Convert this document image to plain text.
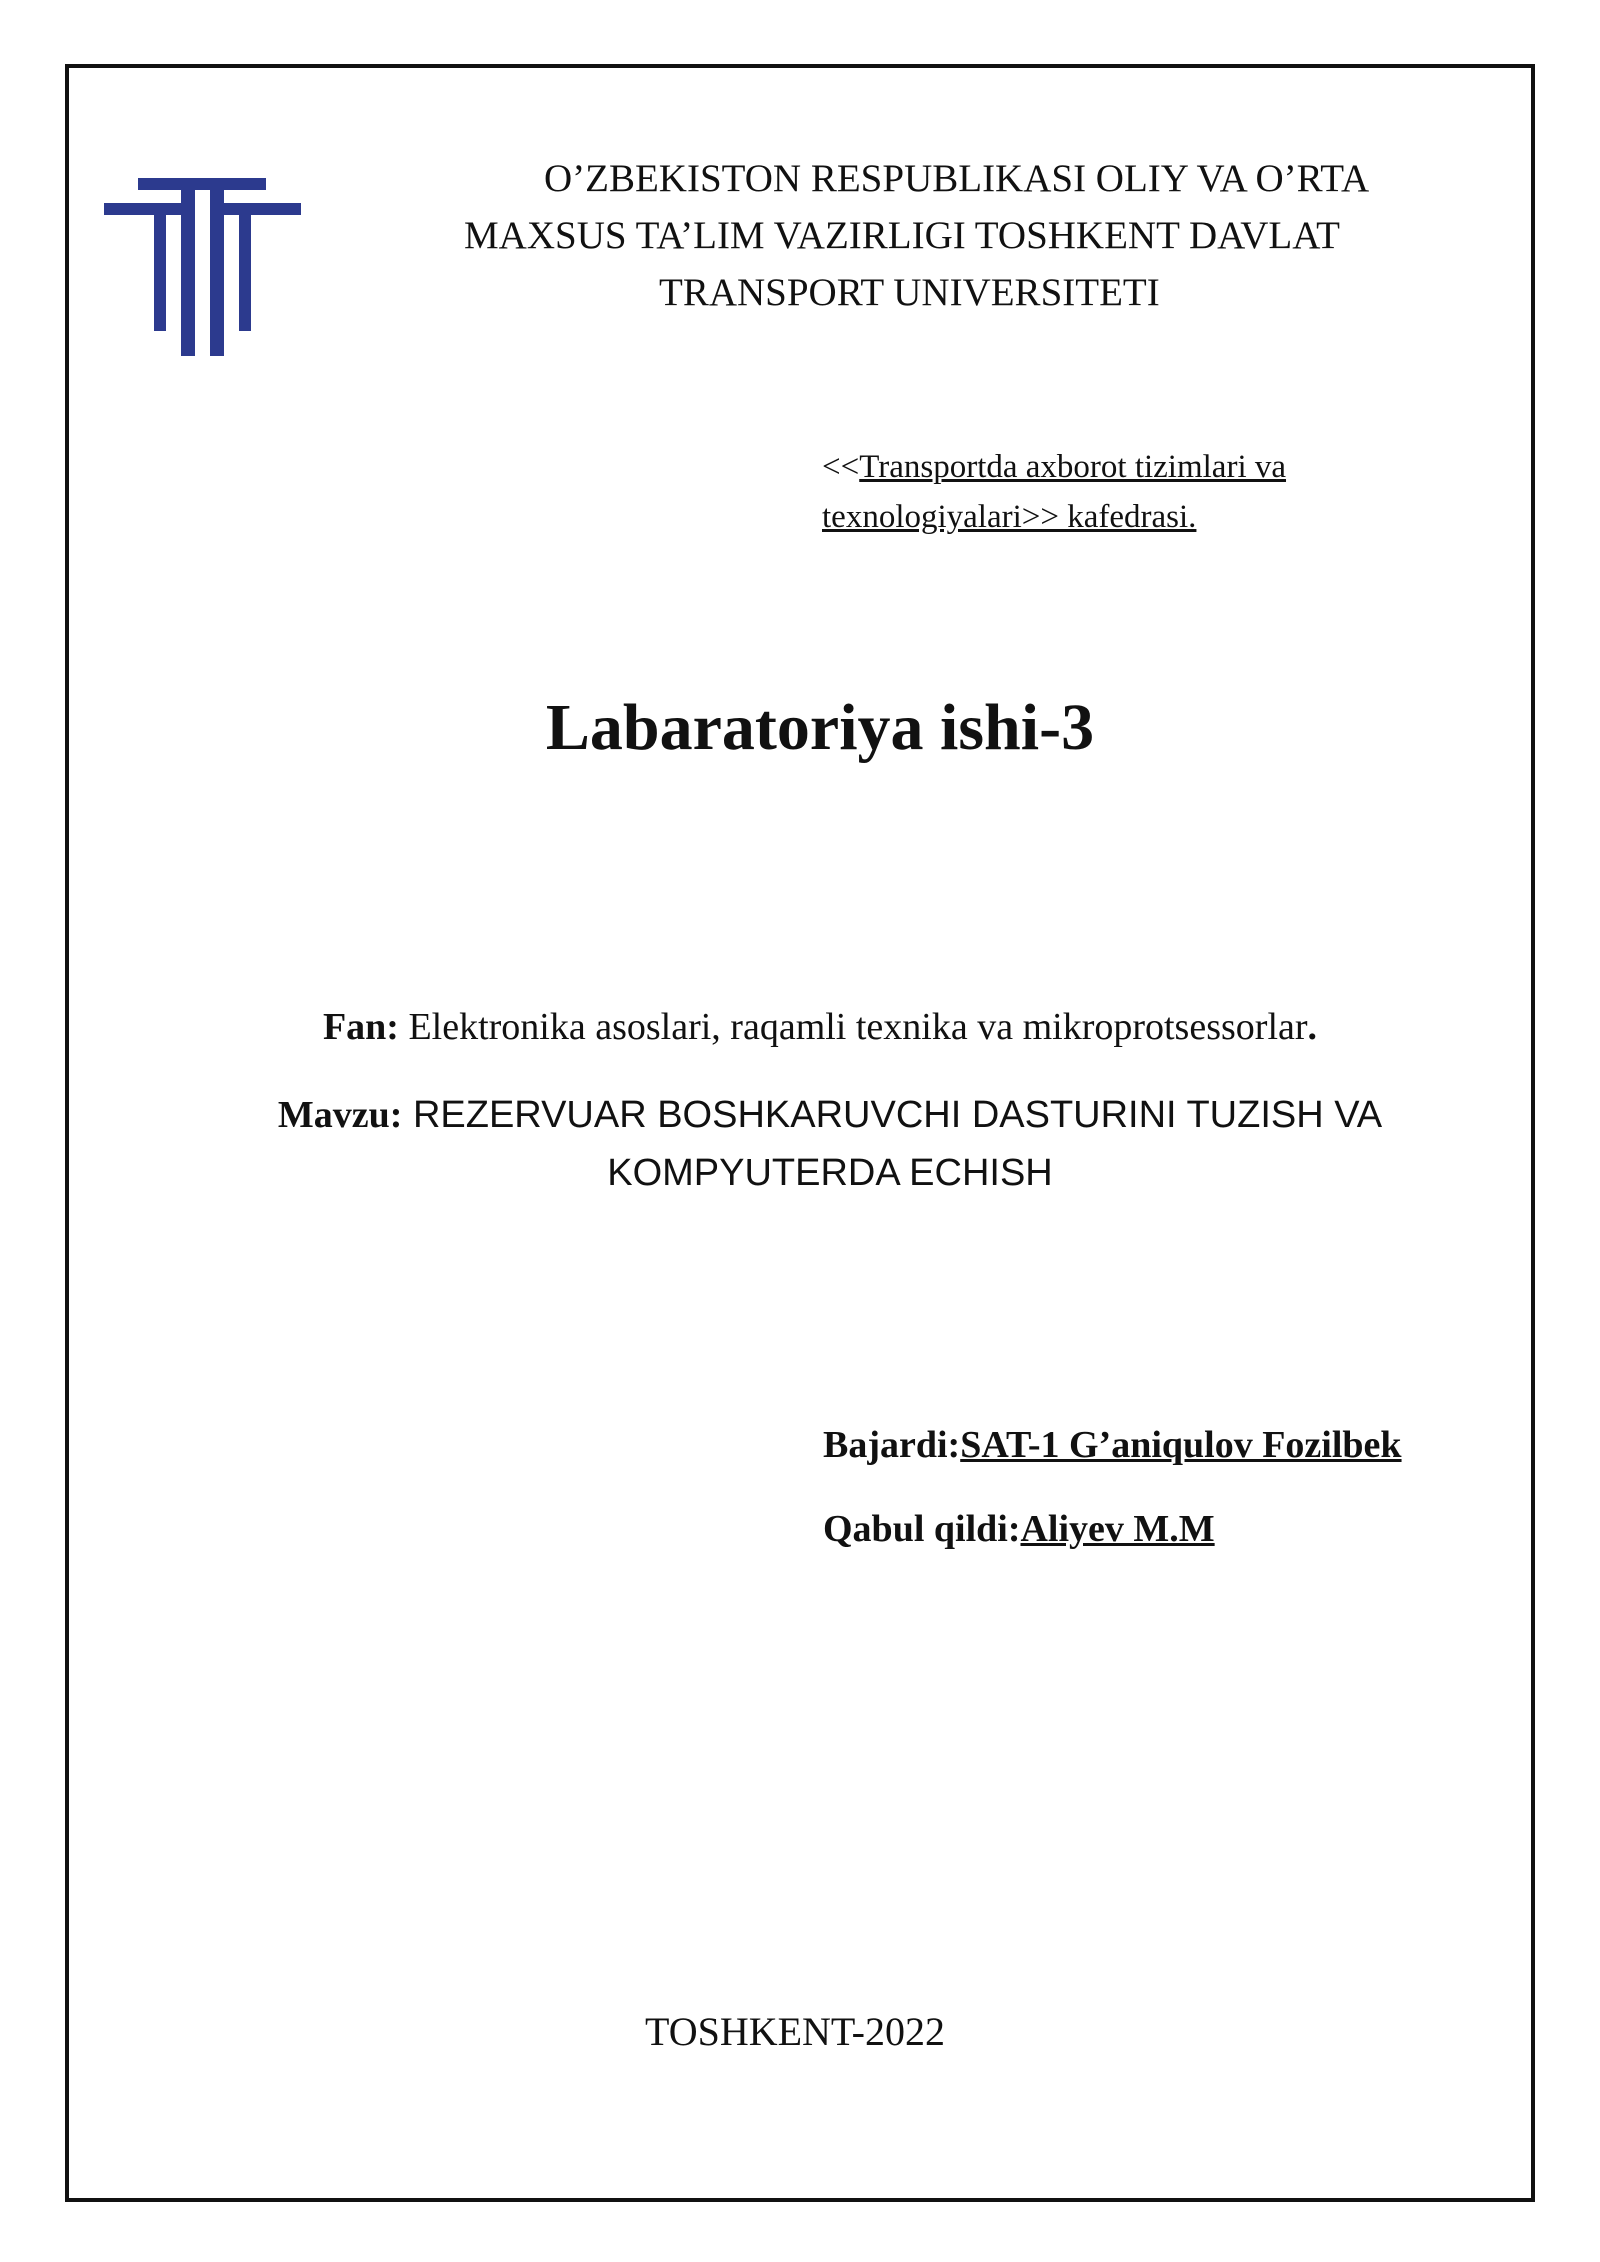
O’ZBEKISTON RESPUBLIKASI OLIY VA O’RTA
MAXSUS TA’LIM VAZIRLIGI TOSHKENT DAVLAT
TRANSPORT UNIVERSITETI

<<Transportda axborot tizimlari va
texnologiyalari>> kafedrasi.
Labaratoriya ishi-3
Fan: Elektronika asoslari, raqamli texnika va mikroprotsessorlar.
Mavzu: REZERVUAR BOSHKARUVCHI DASTURINI TUZISH VA KOMPYUTERDA ECHISH
Bajardi:SAT-1 G’aniqulov Fozilbek
Qabul qildi:Aliyev M.M
TOSHKENT-2022
